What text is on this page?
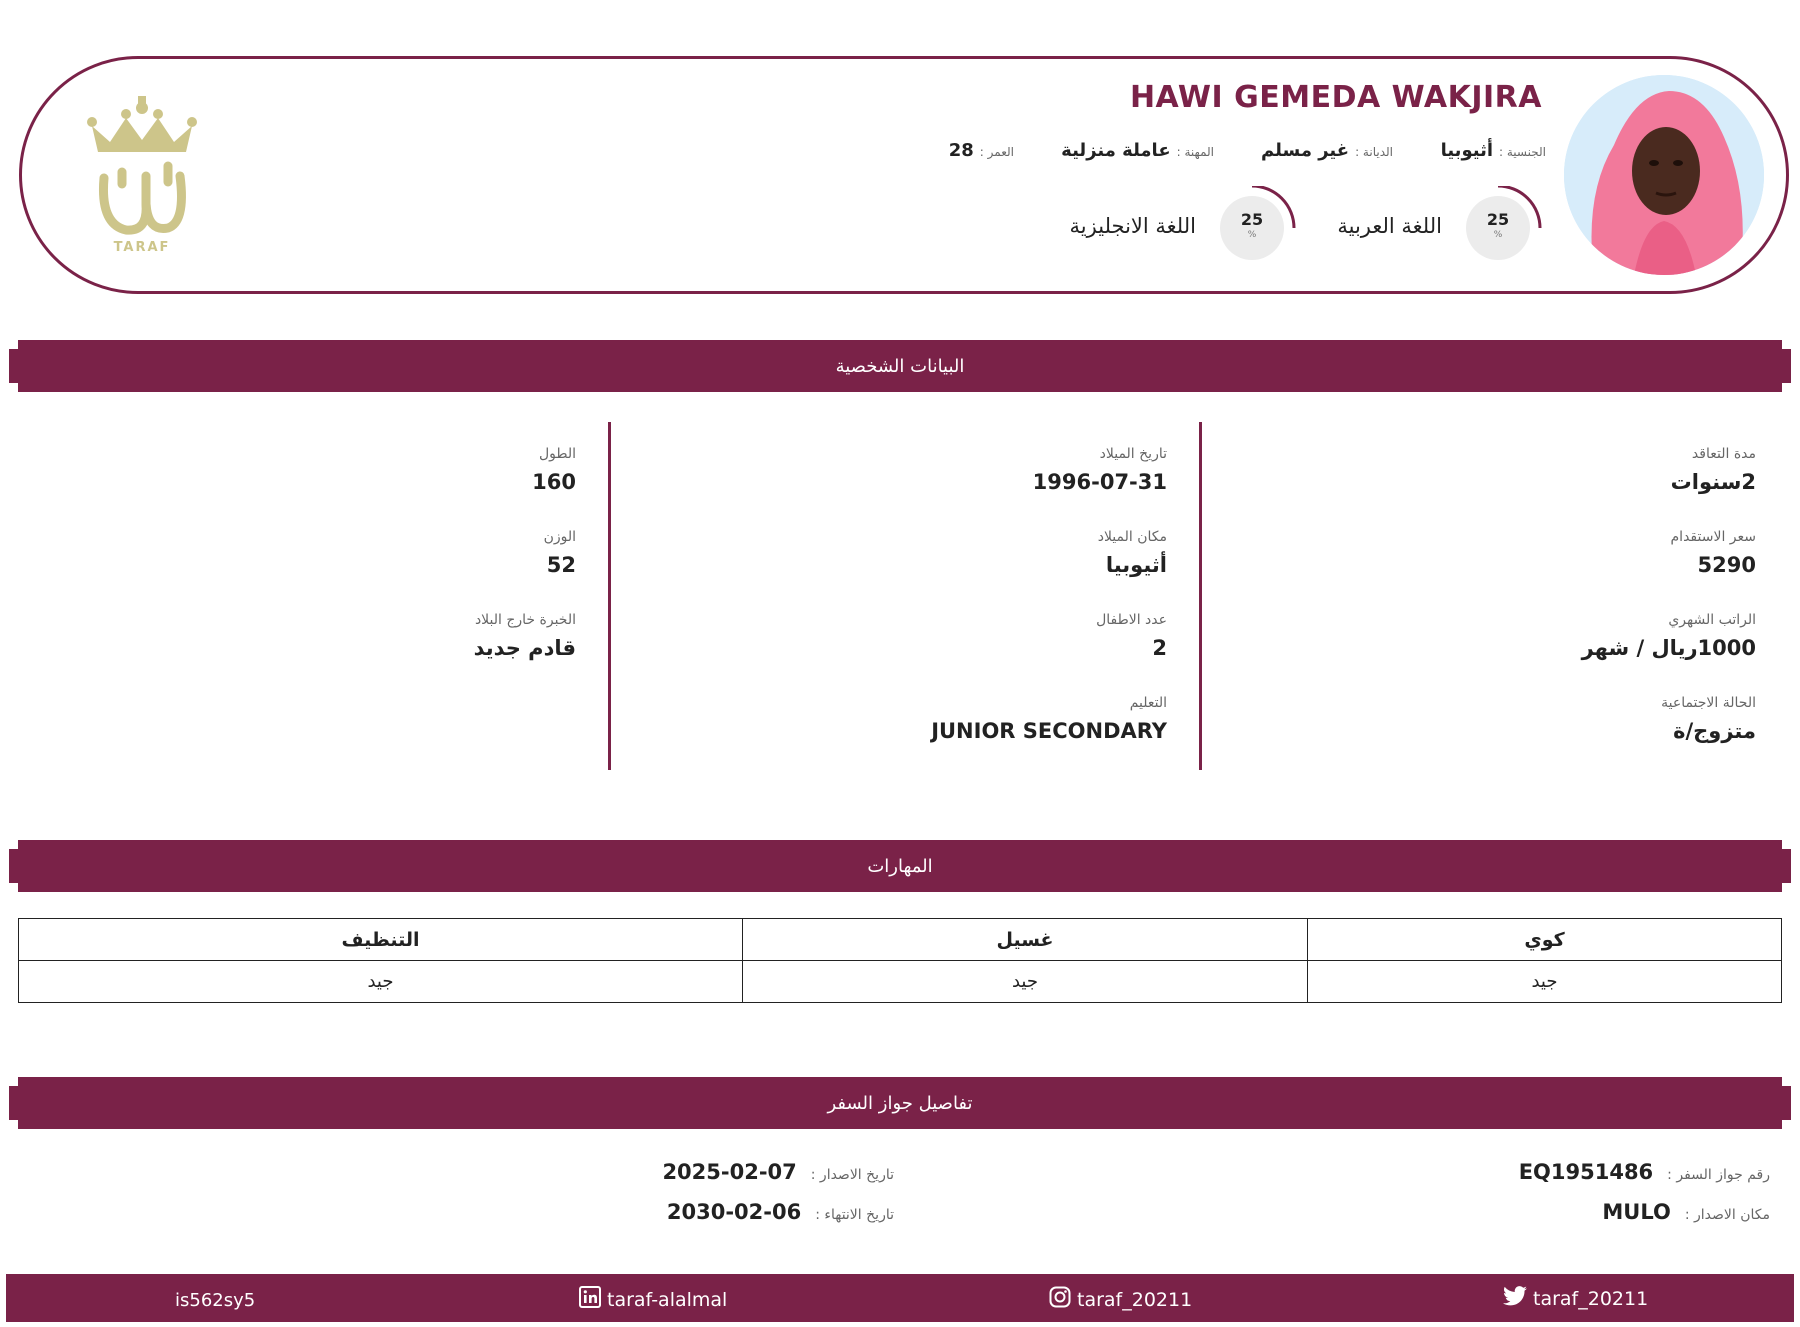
TARAF
HAWI GEMEDA WAKJIRA
الجنسية :
أثيوبيا
الديانة :
غير مسلم
المهنة :
عاملة منزلية
العمر :
28
25
%
اللغة العربية
25
%
اللغة الانجليزية
البيانات الشخصية
مدة التعاقد
2سنوات
سعر الاستقدام
5290
الراتب الشهري
1000ريال / شهر
الحالة الاجتماعية
متزوج/ة
تاريخ الميلاد
1996-07-31
مكان الميلاد
أثيوبيا
عدد الاطفال
2
التعليم
JUNIOR SECONDARY
الطول
160
الوزن
52
الخبرة خارج البلاد
قادم جديد
المهارات
كوي	غسيل	التنظيف
جيد	جيد	جيد
تفاصيل جواز السفر
رقم جواز السفر :
EQ1951486
مكان الاصدار :
MULO
تاريخ الاصدار :
2025-02-07
تاريخ الانتهاء :
2030-02-06
taraf_20211
taraf_20211
taraf-alalmal
is562sy5
